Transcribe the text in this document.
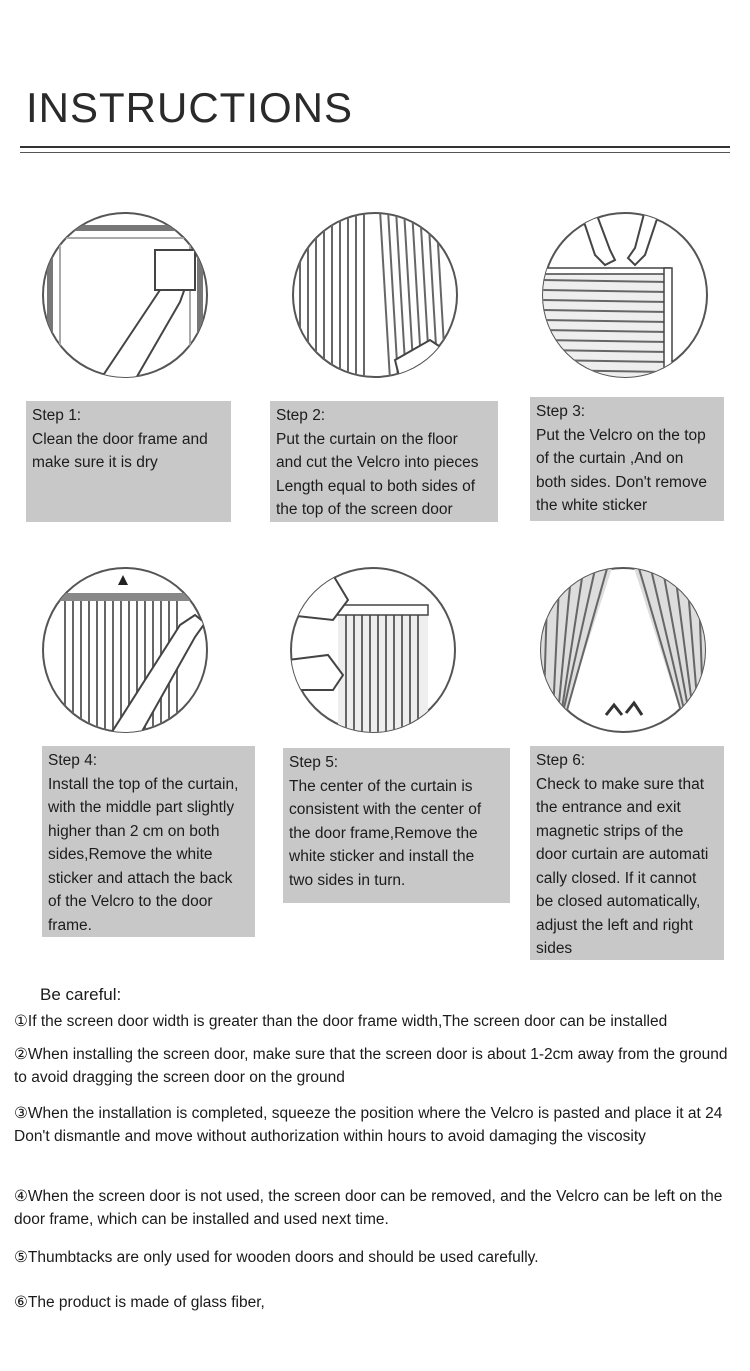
INSTRUCTIONS
Step 1:
Clean the door frame and
make sure it is dry
Step 2:
Put the curtain on the floor
and cut the Velcro into pieces
Length equal to both sides of
the top of the screen door
Step 3:
Put the Velcro on the top
of the curtain ,And on
both sides. Don't remove
the white sticker
Step 4:
Install the top of the curtain,
with the middle part slightly
higher than 2 cm on both
sides,Remove the white
sticker and attach the back
of the Velcro to the door
frame.
Step 5:
The center of the curtain is
consistent with the center of
the door frame,Remove the
white sticker and install the
two sides in turn.
Step 6:
Check to make sure that
the entrance and exit
magnetic strips of the
door curtain are automati
cally closed. If it cannot
be closed automatically,
adjust the left and right
sides
Be careful:
①If the screen door width is greater than the door frame width,The screen door can be installed
②When installing the screen door, make sure that the screen door is about 1-2cm away from the ground to avoid dragging the screen door on the ground
③When the installation is completed, squeeze the position where the Velcro is pasted and place it at 24 Don't dismantle and move without authorization within hours to avoid damaging the viscosity
④When the screen door is not used, the screen door can be removed, and the Velcro can be left on the door frame, which can be installed and used next time.
⑤Thumbtacks are only used for wooden doors and should be used carefully.
⑥The product is made of glass fiber,
